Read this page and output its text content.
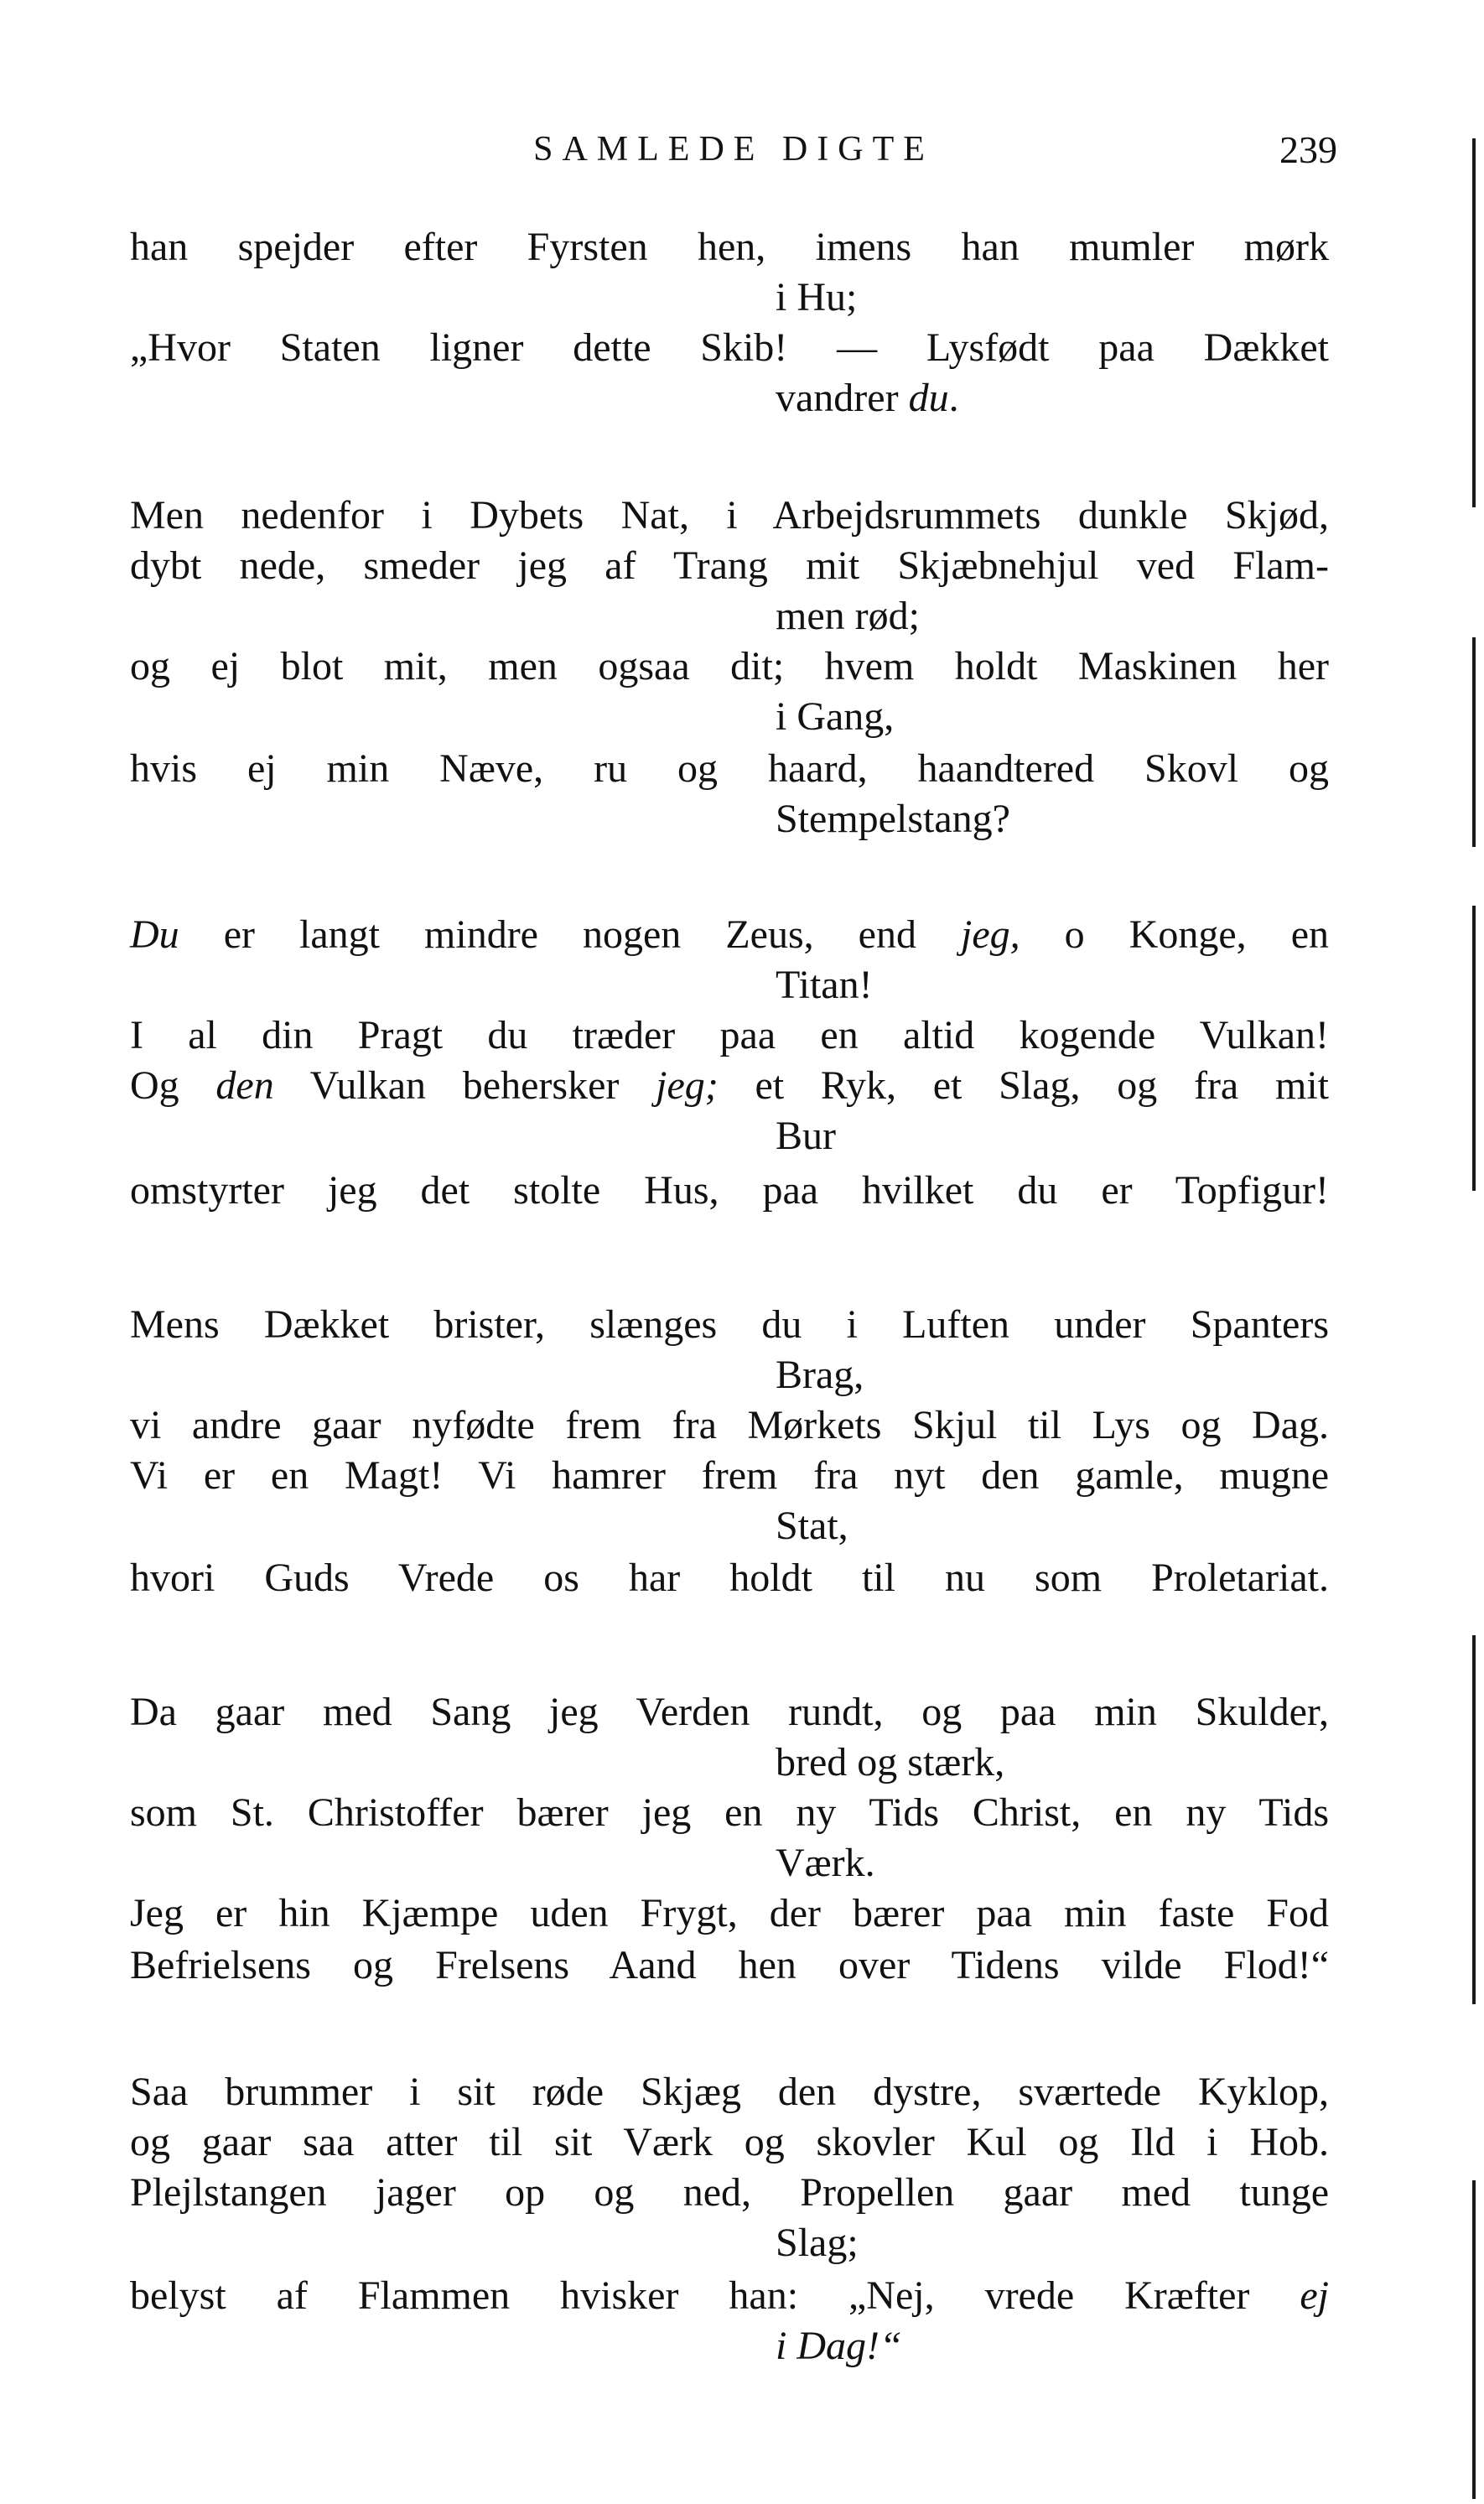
SAMLEDE DIGTE	239
han spejder efter Fyrsten hen, imens han mumler mørk
i Hu;
„Hvor Staten ligner dette Skib! — Lysfødt paa Dækket
vandrer du.
Men nedenfor i Dybets Nat, i Arbejdsrummets dunkle Skjød,
dybt nede, smeder jeg af Trang mit Skjæbnehjul ved Flam-
men rød;
og ej blot mit, men ogsaa dit; hvem holdt Maskinen her
i Gang,
hvis ej min Næve, ru og haard, haandtered Skovl og
Stempelstang?
Du er langt mindre nogen Zeus, end jeg, o Konge, en
Titan!
I al din Pragt du træder paa en altid kogende Vulkan!
Og den Vulkan behersker jeg; et Ryk, et Slag, og fra mit
Bur
omstyrter jeg det stolte Hus, paa hvilket du er Topfigur!
Mens Dækket brister, slænges du i Luften under Spanters
Brag,
vi andre gaar nyfødte frem fra Mørkets Skjul til Lys og Dag.
Vi er en Magt! Vi hamrer frem fra nyt den gamle, mugne
Stat,
hvori Guds Vrede os har holdt til nu som Proletariat.
Da gaar med Sang jeg Verden rundt, og paa min Skulder,
bred og stærk,
som St. Christoffer bærer jeg en ny Tids Christ, en ny Tids
Værk.
Jeg er hin Kjæmpe uden Frygt, der bærer paa min faste Fod
Befrielsens og Frelsens Aand hen over Tidens vilde Flod!“
Saa brummer i sit røde Skjæg den dystre, sværtede Kyklop,
og gaar saa atter til sit Værk og skovler Kul og Ild i Hob.
Plejlstangen jager op og ned, Propellen gaar med tunge
Slag;
belyst af Flammen hvisker han: „Nej, vrede Kræfter ej
i Dag!“
